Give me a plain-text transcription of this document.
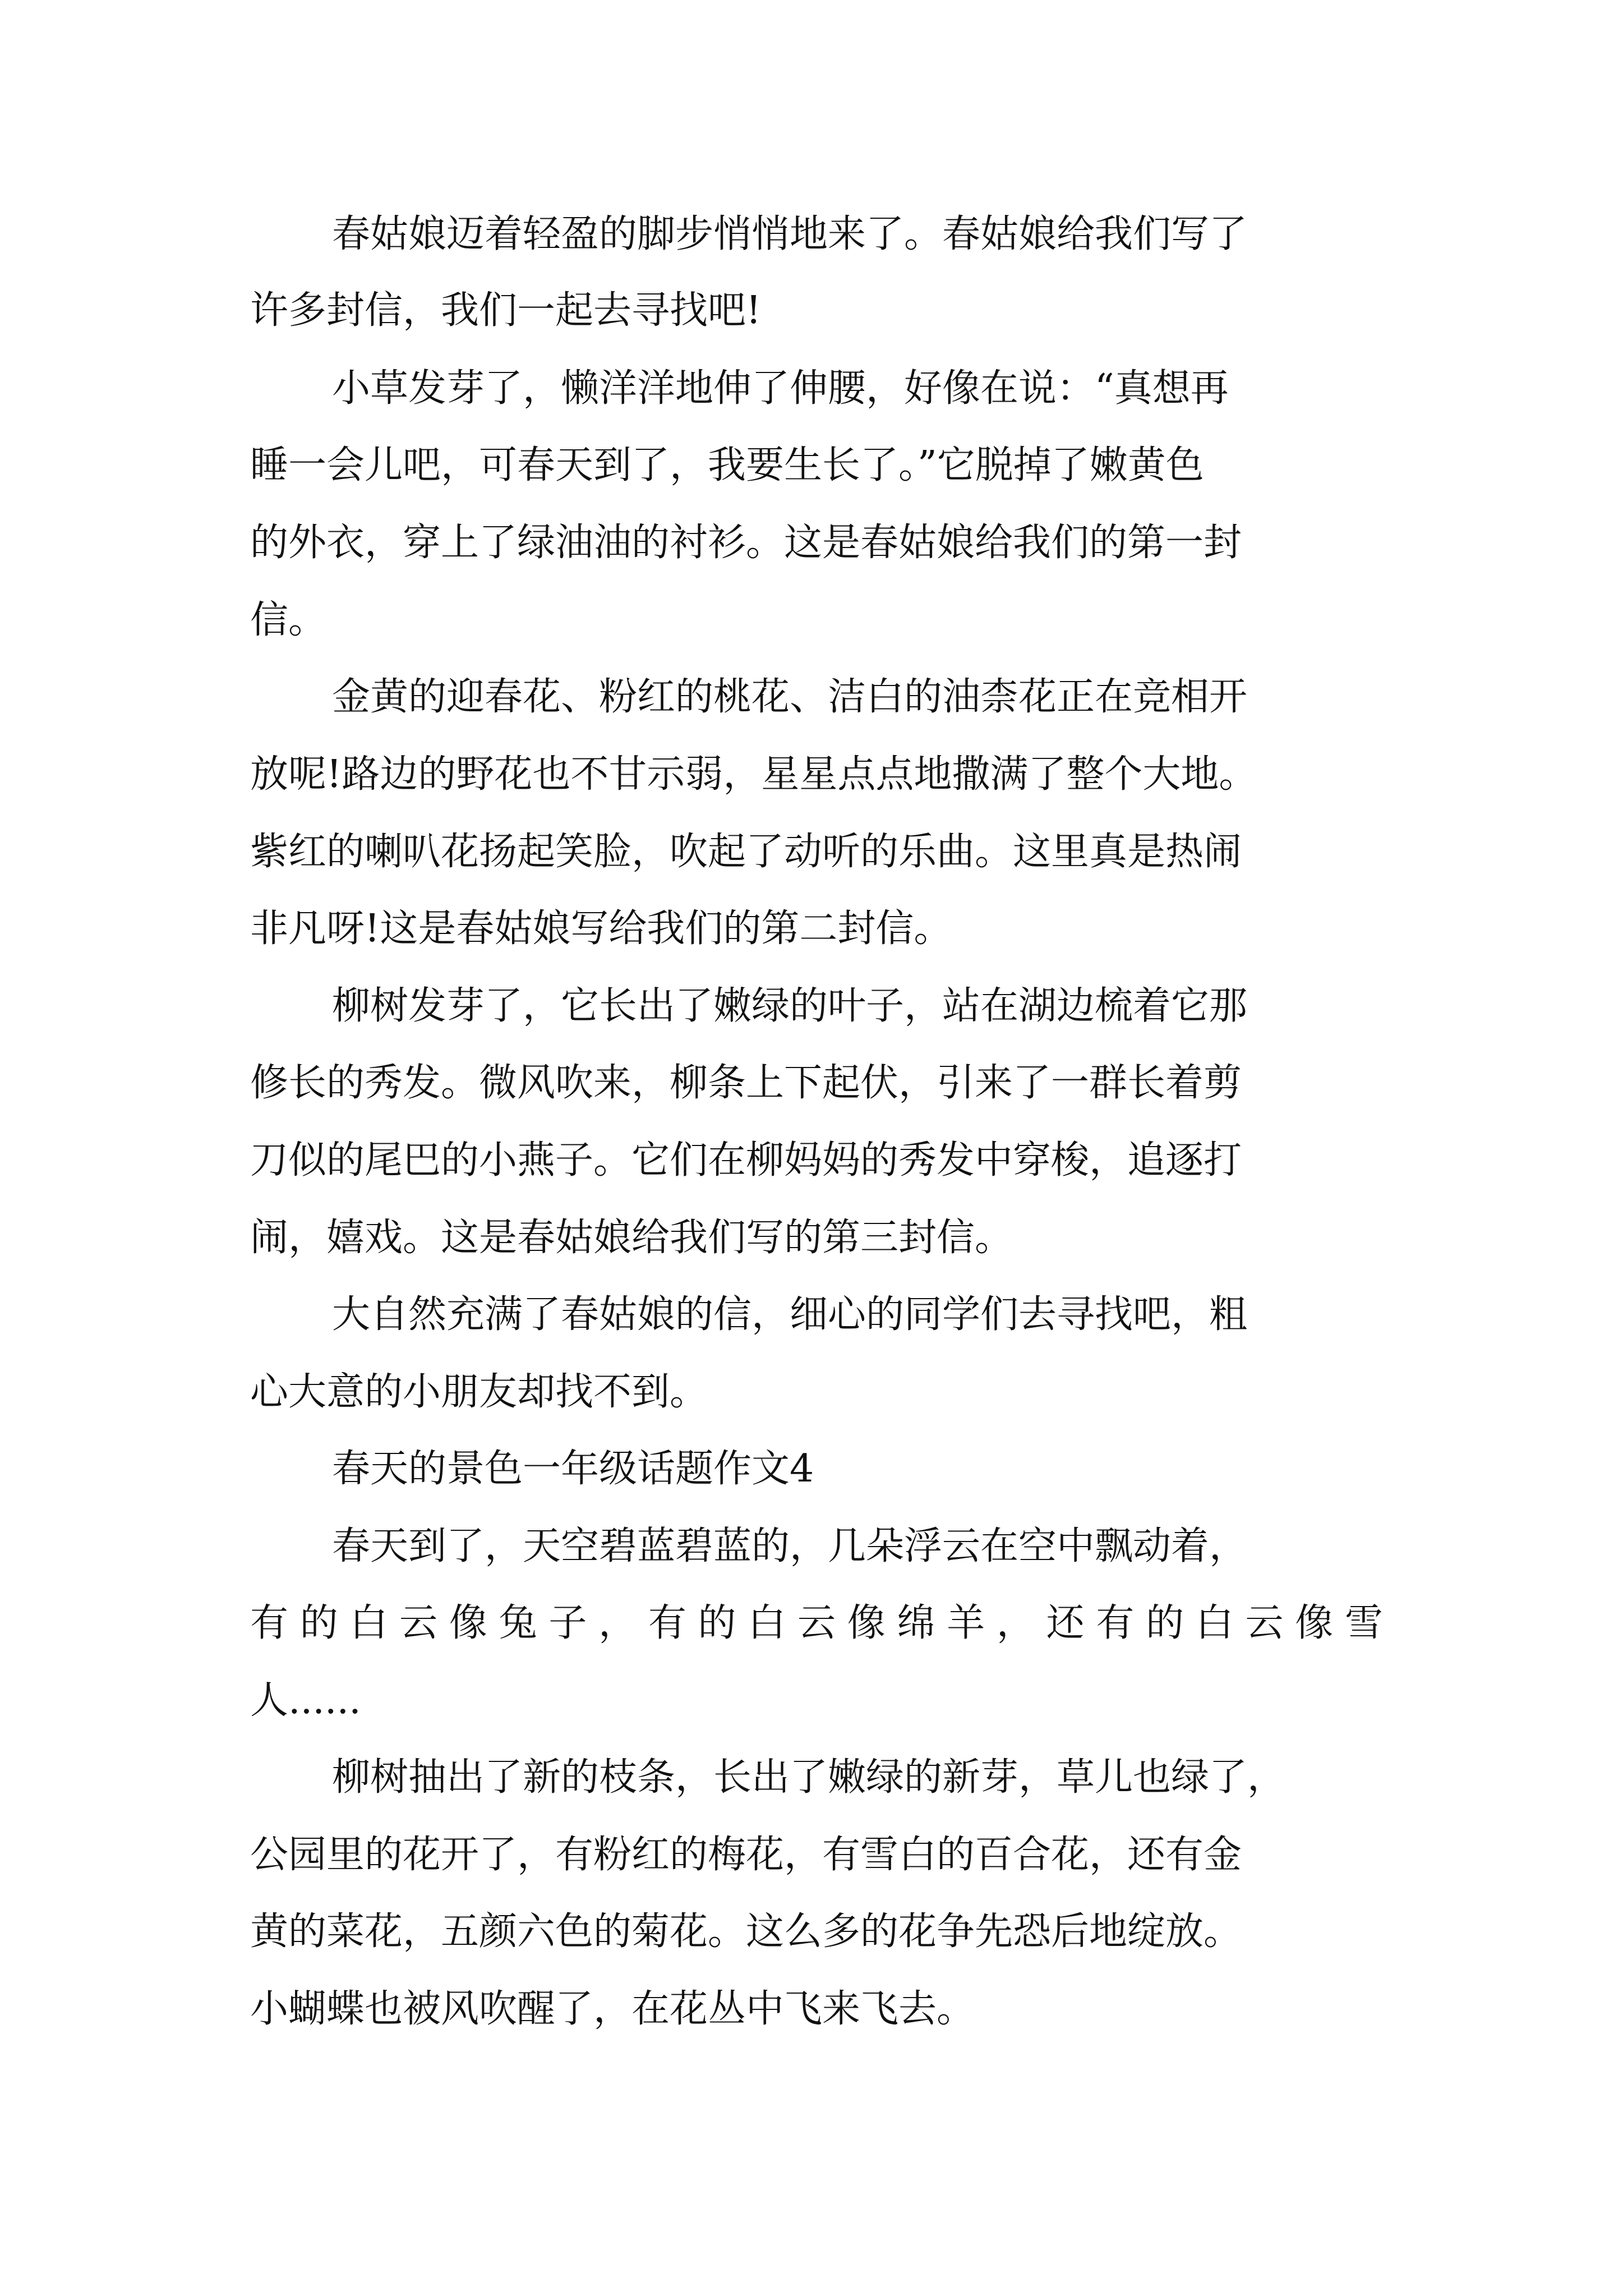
春姑娘迈着轻盈的脚步悄悄地来了。春姑娘给我们写了

许多封信，我们一起去寻找吧!

小草发芽了，懒洋洋地伸了伸腰，好像在说：“真想再

睡一会儿吧，可春天到了，我要生长了。”它脱掉了嫩黄色

的外衣，穿上了绿油油的衬衫。这是春姑娘给我们的第一封

信。

金黄的迎春花、粉红的桃花、洁白的油柰花正在竞相开

放呢!路边的野花也不甘示弱，星星点点地撒满了整个大地。

紫红的喇叭花扬起笑脸，吹起了动听的乐曲。这里真是热闹

非凡呀!这是春姑娘写给我们的第二封信。

柳树发芽了，它长出了嫩绿的叶子，站在湖边梳着它那

修长的秀发。微风吹来，柳条上下起伏，引来了一群长着剪

刀似的尾巴的小燕子。它们在柳妈妈的秀发中穿梭，追逐打

闹，嬉戏。这是春姑娘给我们写的第三封信。

大自然充满了春姑娘的信，细心的同学们去寻找吧，粗

心大意的小朋友却找不到。

春天的景色一年级话题作文4

春天到了，天空碧蓝碧蓝的，几朵浮云在空中飘动着，

有的白云像兔子，有的白云像绵羊，还有的白云像雪

人......

柳树抽出了新的枝条，长出了嫩绿的新芽，草儿也绿了，

公园里的花开了，有粉红的梅花，有雪白的百合花，还有金

黄的菜花，五颜六色的菊花。这么多的花争先恐后地绽放。

小蝴蝶也被风吹醒了，在花丛中飞来飞去。
